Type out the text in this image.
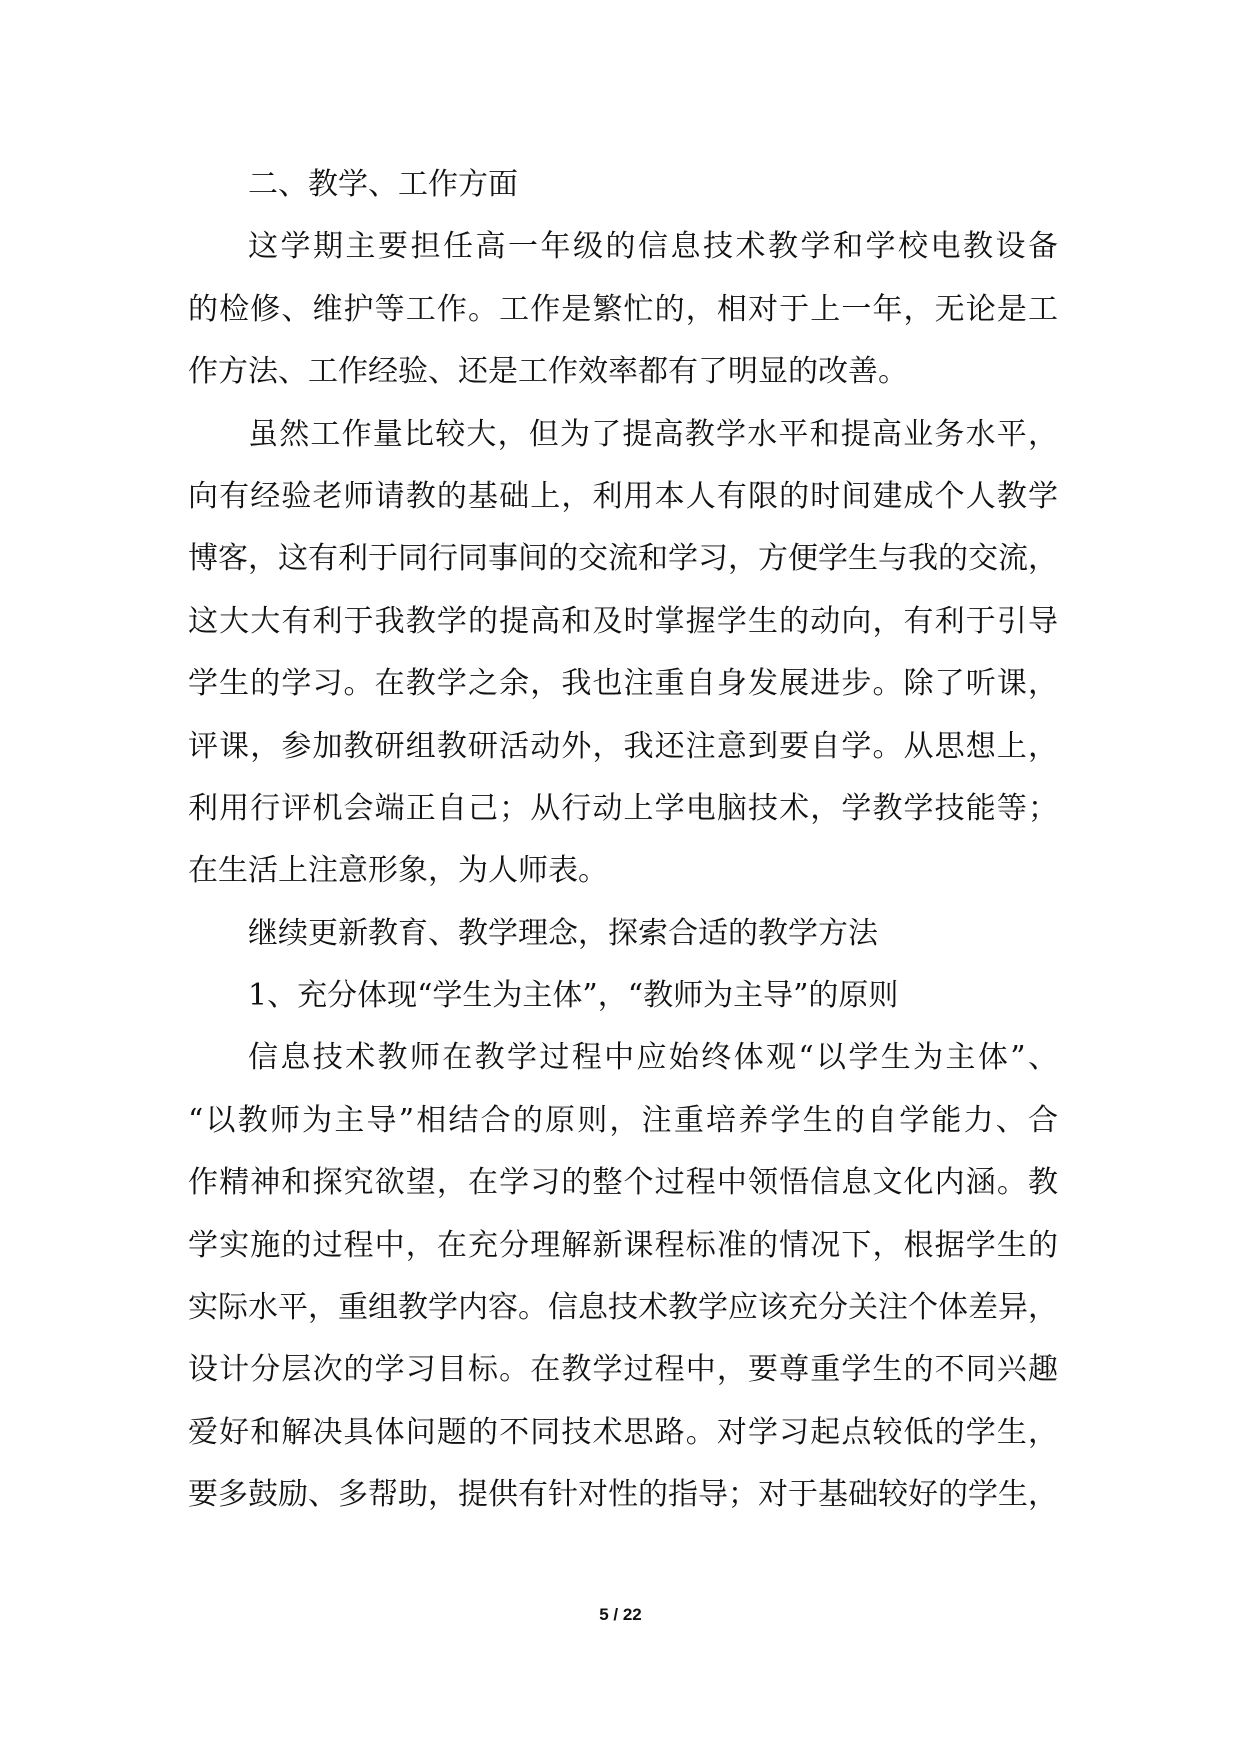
二、教学、工作方面
这学期主要担任高一年级的信息技术教学和学校电教设备
的检修、维护等工作。工作是繁忙的，相对于上一年，无论是工
作方法、工作经验、还是工作效率都有了明显的改善。
虽然工作量比较大，但为了提高教学水平和提高业务水平，
向有经验老师请教的基础上，利用本人有限的时间建成个人教学
博客，这有利于同行同事间的交流和学习，方便学生与我的交流，
这大大有利于我教学的提高和及时掌握学生的动向，有利于引导
学生的学习。在教学之余，我也注重自身发展进步。除了听课，
评课，参加教研组教研活动外，我还注意到要自学。从思想上，
利用行评机会端正自己；从行动上学电脑技术，学教学技能等；
在生活上注意形象，为人师表。
继续更新教育、教学理念，探索合适的教学方法
1、充分体现“学生为主体”，“教师为主导”的原则
信息技术教师在教学过程中应始终体观“以学生为主体”、
“以教师为主导”相结合的原则，注重培养学生的自学能力、合
作精神和探究欲望，在学习的整个过程中领悟信息文化内涵。教
学实施的过程中，在充分理解新课程标准的情况下，根据学生的
实际水平，重组教学内容。信息技术教学应该充分关注个体差异，
设计分层次的学习目标。在教学过程中，要尊重学生的不同兴趣
爱好和解决具体问题的不同技术思路。对学习起点较低的学生，
要多鼓励、多帮助，提供有针对性的指导；对于基础较好的学生，
5 / 22
